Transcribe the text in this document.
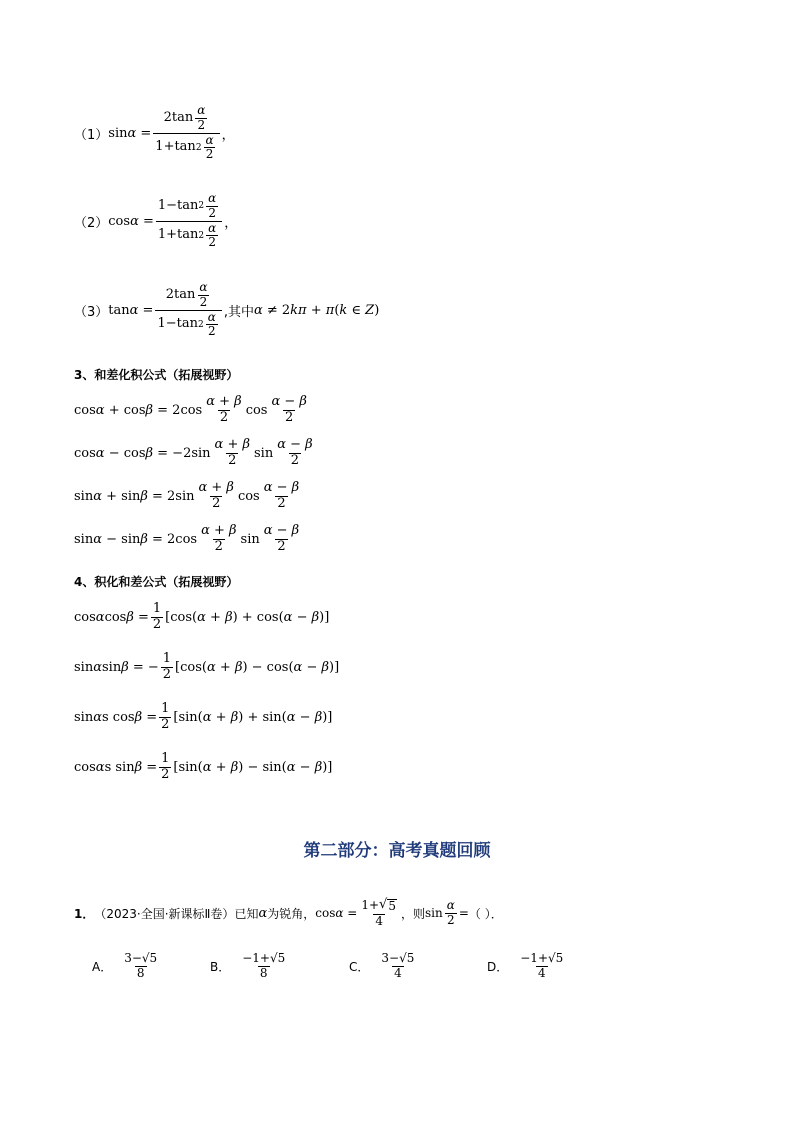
（1） $\sin\alpha = \frac{2\tan \frac{\alpha}{2}}{1+\tan 2 \frac{\alpha}{2}}$ ，
（2） $\cos\alpha = \frac{1-\tan 2 \frac{\alpha}{2}}{1+\tan 2 \frac{\alpha}{2}}$ ，
（3） $\tan\alpha = \frac{2\tan \frac{\alpha}{2}}{1-\tan 2 \frac{\alpha}{2}}$ ,其中 α ≠ 2kπ + π(k ∈ Z)
3、和差化积公式（拓展视野）
$\cos\alpha + \cos\beta = 2\cos \frac{\alpha + \beta}{2}$ $\cos \frac{\alpha - \beta}{2}$
$\cos\alpha - \cos\beta = -2\sin \frac{\alpha + \beta}{2}$ $\sin \frac{\alpha - \beta}{2}$
$\sin\alpha + \sin\beta = 2\sin \frac{\alpha + \beta}{2}$ $\cos \frac{\alpha - \beta}{2}$
$\sin\alpha - \sin\beta = 2\cos \frac{\alpha + \beta}{2}$ $\sin \frac{\alpha - \beta}{2}$
4、积化和差公式（拓展视野）
$\cos\alpha\cos\beta = \frac{1}{2} [\cos(\alpha + \beta) + \cos(\alpha - \beta)]$
sinαsinβ = − $\frac{1}{2} [\cos(\alpha + \beta) - \cos(\alpha - \beta)]$
sinαs $\cos\beta = \frac{1}{2} [\sin(\alpha + \beta) + \sin(\alpha - \beta)]$
cosαs $\sin\beta = \frac{1}{2} [\sin(\alpha + \beta) - \sin(\alpha - \beta)]$
第二部分：高考真题回顾
1． （2023·全国·新课标Ⅱ卷） 已知 α 为锐角， $\cos\alpha = \frac{1+ √ 5}{4}$ ，则 $\sin \frac{\alpha}{2}$ = （ ）．
A． $\frac{3-√5}{8}$	B． $\frac{-1+√5}{8}$	C． $\frac{3-√5}{4}$	D． $\frac{-1+√5}{4}$
